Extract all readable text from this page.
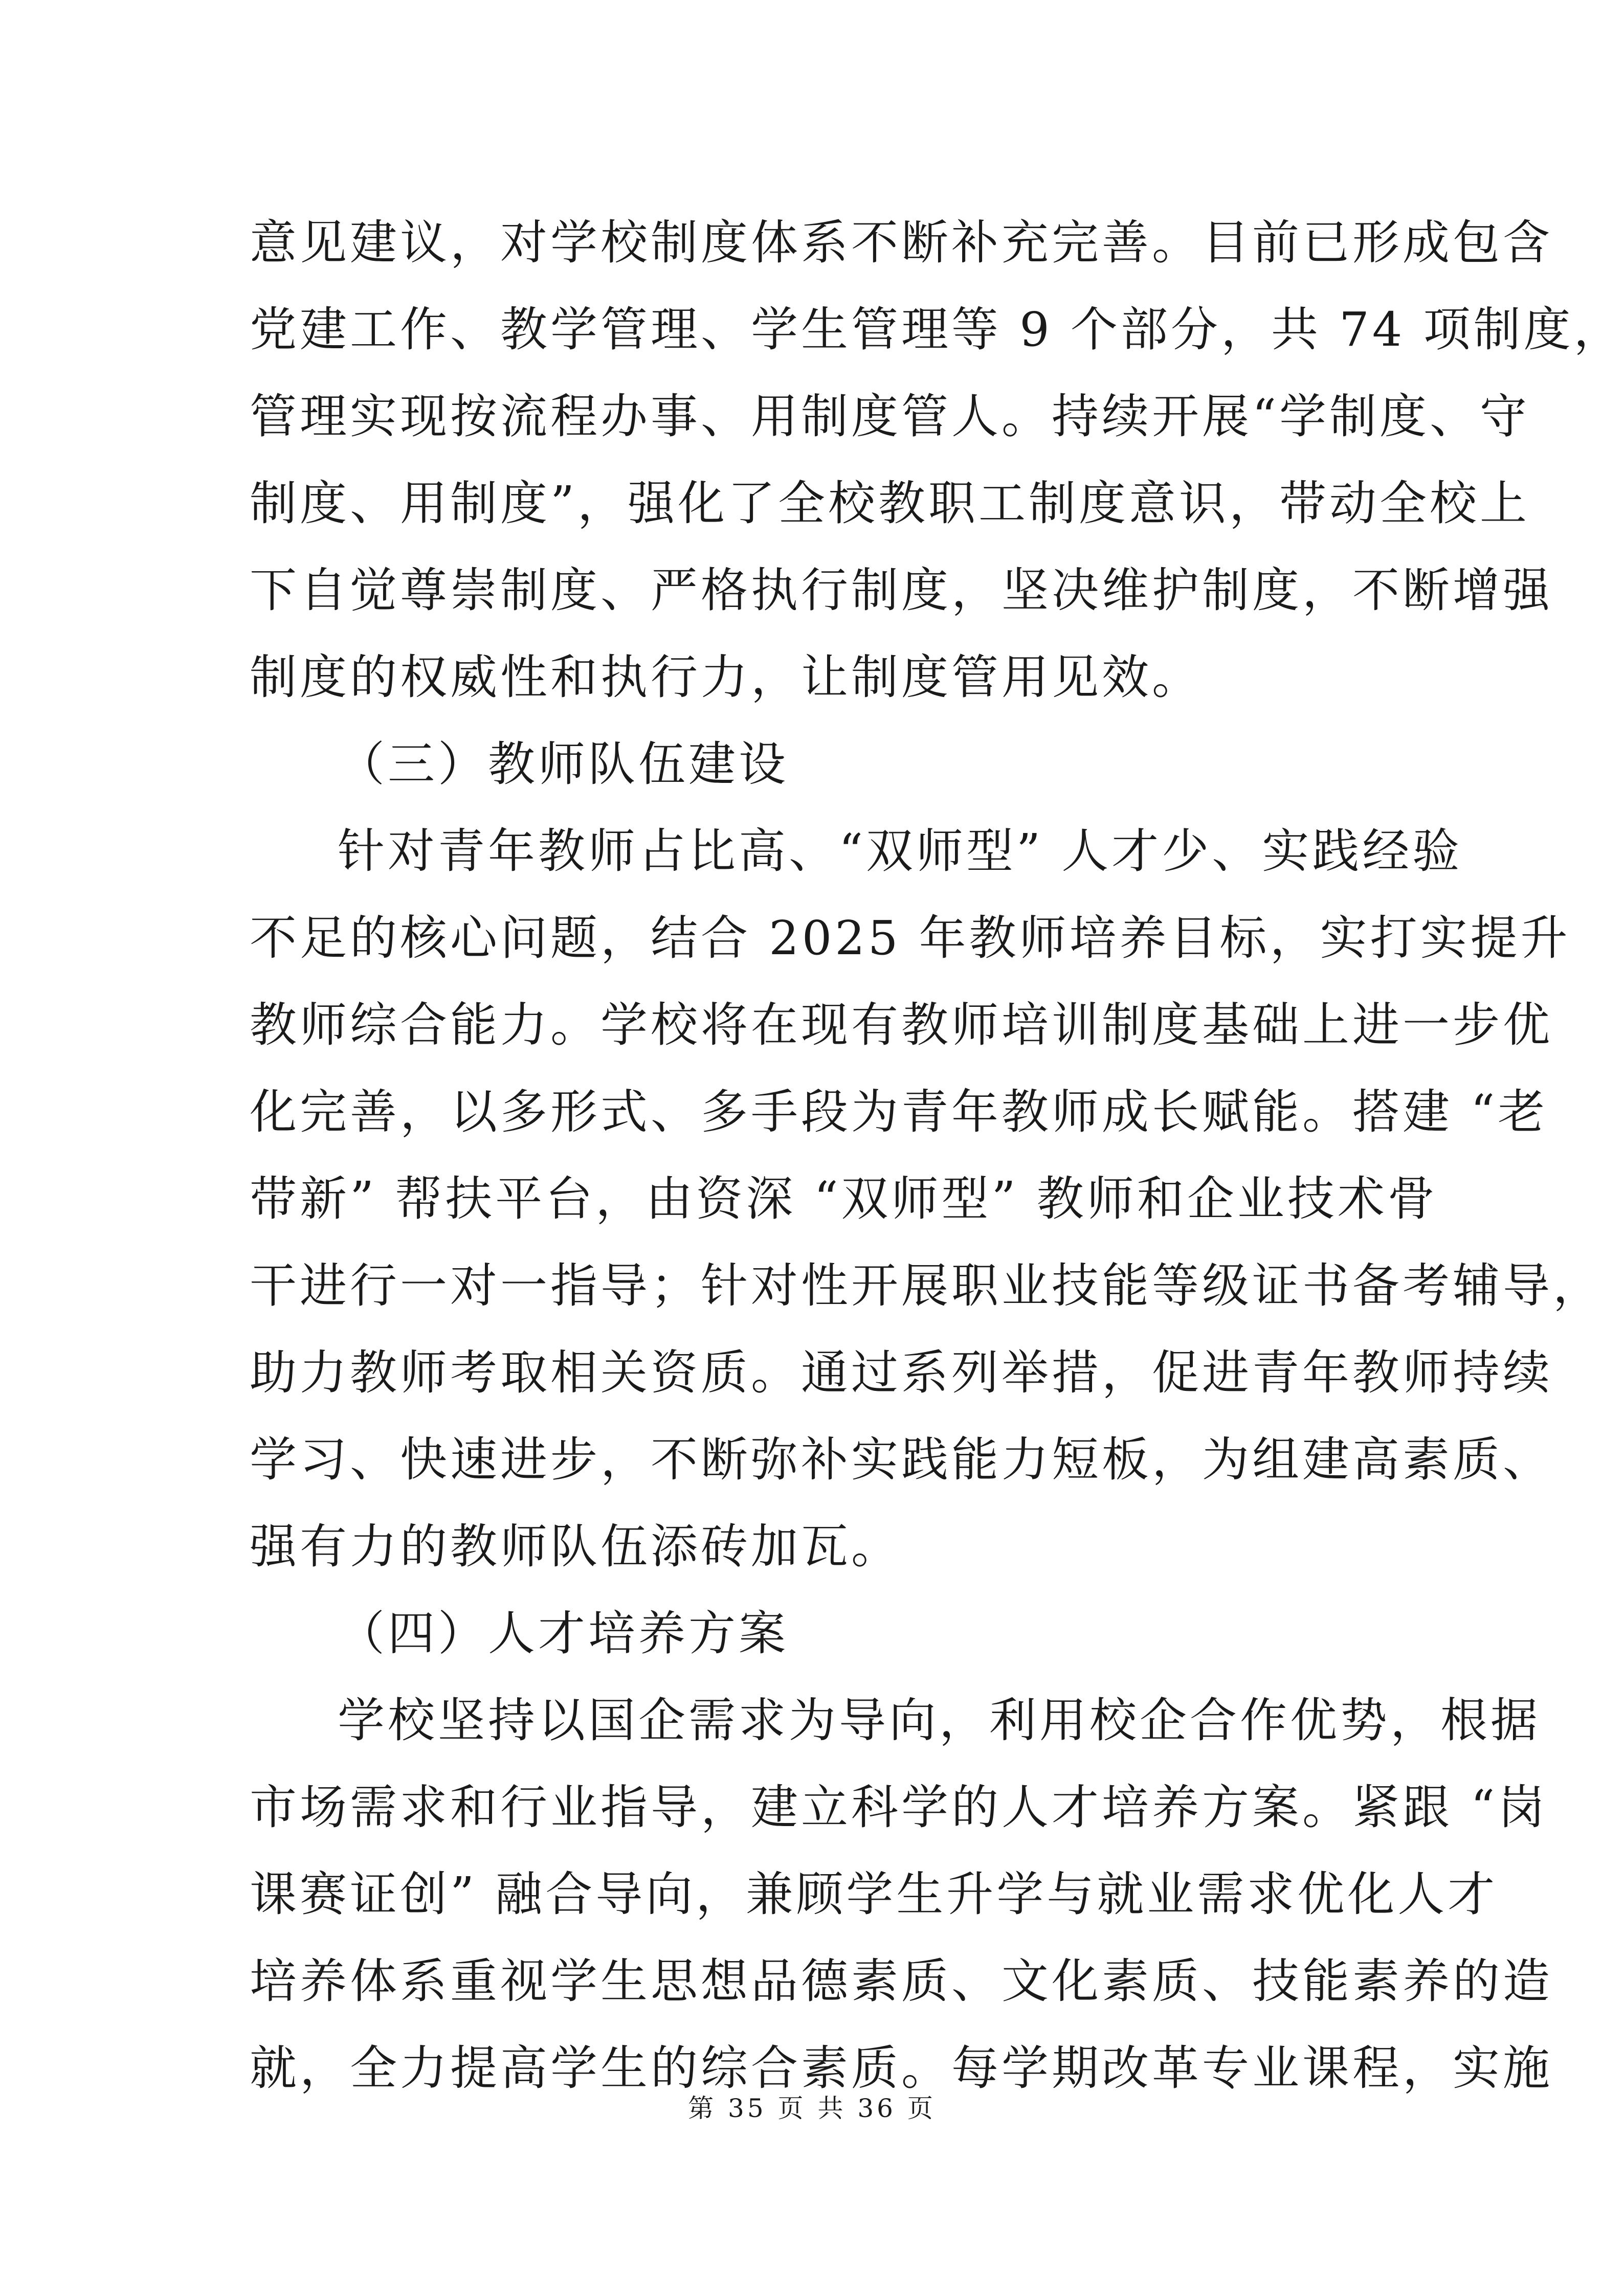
意见建议，对学校制度体系不断补充完善。目前已形成包含

党建工作、教学管理、学生管理等 9 个部分，共 74 项制度，

管理实现按流程办事、用制度管人。持续开展“学制度、守

制度、用制度”，强化了全校教职工制度意识，带动全校上

下自觉尊崇制度、严格执行制度，坚决维护制度，不断增强

制度的权威性和执行力，让制度管用见效。

（三）教师队伍建设

针对青年教师占比高、“双师型” 人才少、实践经验

不足的核心问题，结合 2025 年教师培养目标，实打实提升

教师综合能力。学校将在现有教师培训制度基础上进一步优

化完善，以多形式、多手段为青年教师成长赋能。搭建 “老

带新” 帮扶平台，由资深 “双师型” 教师和企业技术骨

干进行一对一指导；针对性开展职业技能等级证书备考辅导，

助力教师考取相关资质。通过系列举措，促进青年教师持续

学习、快速进步，不断弥补实践能力短板，为组建高素质、

强有力的教师队伍添砖加瓦。

（四）人才培养方案

学校坚持以国企需求为导向，利用校企合作优势，根据

市场需求和行业指导，建立科学的人才培养方案。紧跟 “岗

课赛证创” 融合导向，兼顾学生升学与就业需求优化人才

培养体系重视学生思想品德素质、文化素质、技能素养的造

就，全力提高学生的综合素质。每学期改革专业课程，实施

第 35 页 共 36 页
